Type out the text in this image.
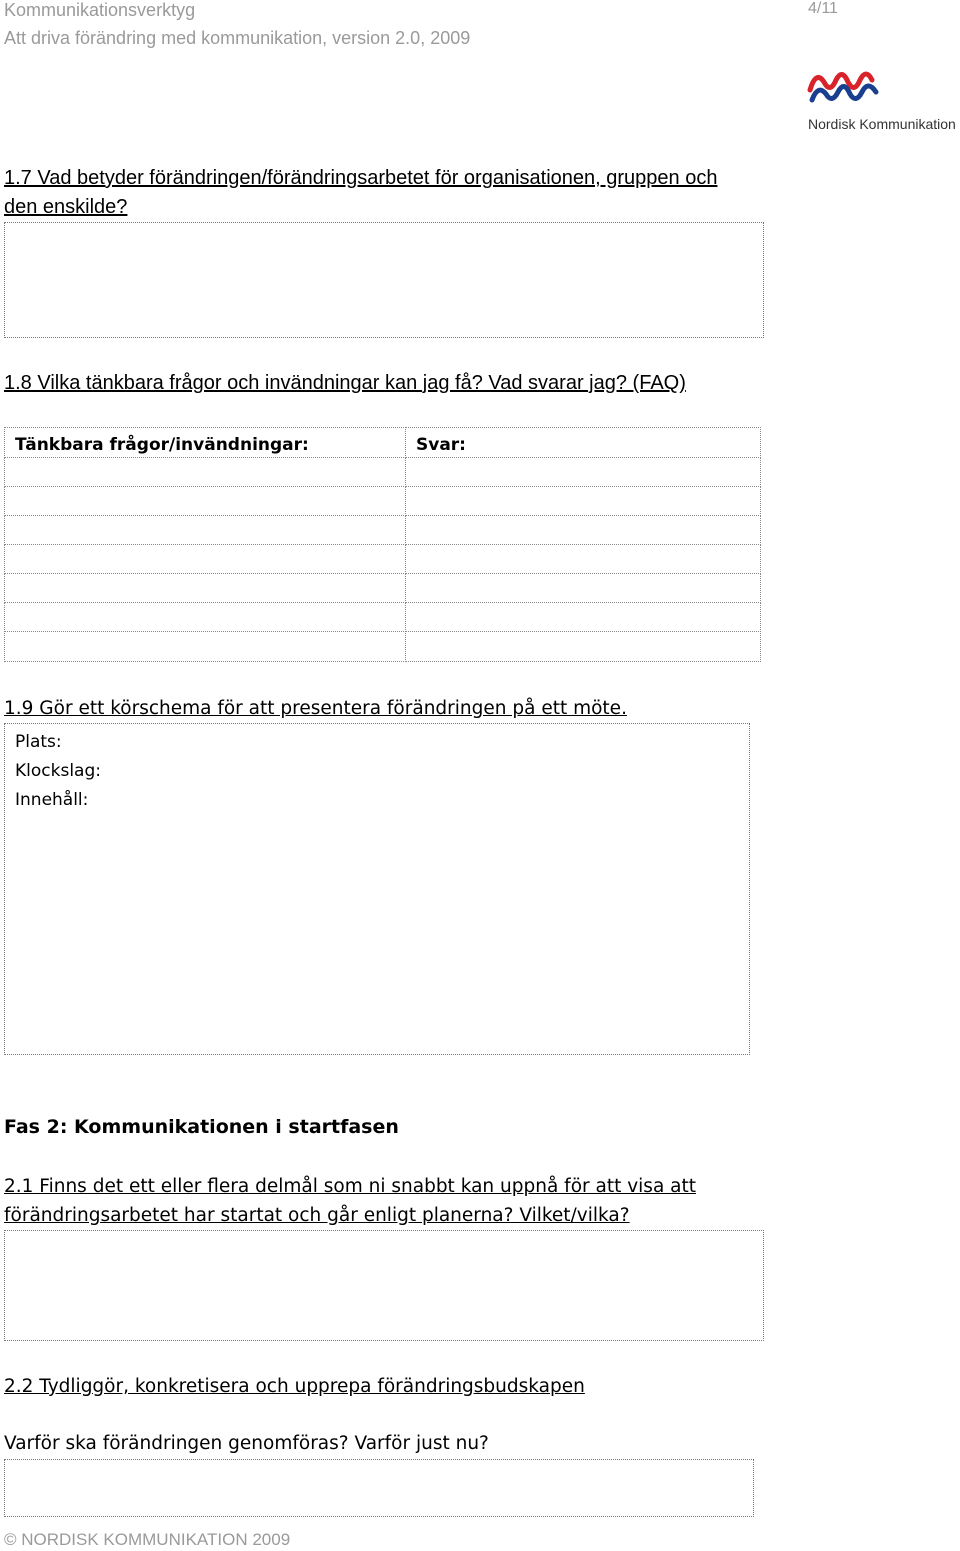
Kommunikationsverktyg
Att driva förändring med kommunikation, version 2.0, 2009
4/11
Nordisk Kommunikation
1.7 Vad betyder förändringen/förändringsarbetet för organisationen, gruppen och
den enskilde?
1.8 Vilka tänkbara frågor och invändningar kan jag få? Vad svarar jag? (FAQ)
Tänkbara frågor/invändningar:	Svar:
1.9 Gör ett körschema för att presentera förändringen på ett möte.
Plats:
Klockslag:
Innehåll:
Fas 2: Kommunikationen i startfasen
2.1 Finns det ett eller flera delmål som ni snabbt kan uppnå för att visa att
förändringsarbetet har startat och går enligt planerna? Vilket/vilka?
2.2 Tydliggör, konkretisera och upprepa förändringsbudskapen
Varför ska förändringen genomföras? Varför just nu?
© NORDISK KOMMUNIKATION 2009
